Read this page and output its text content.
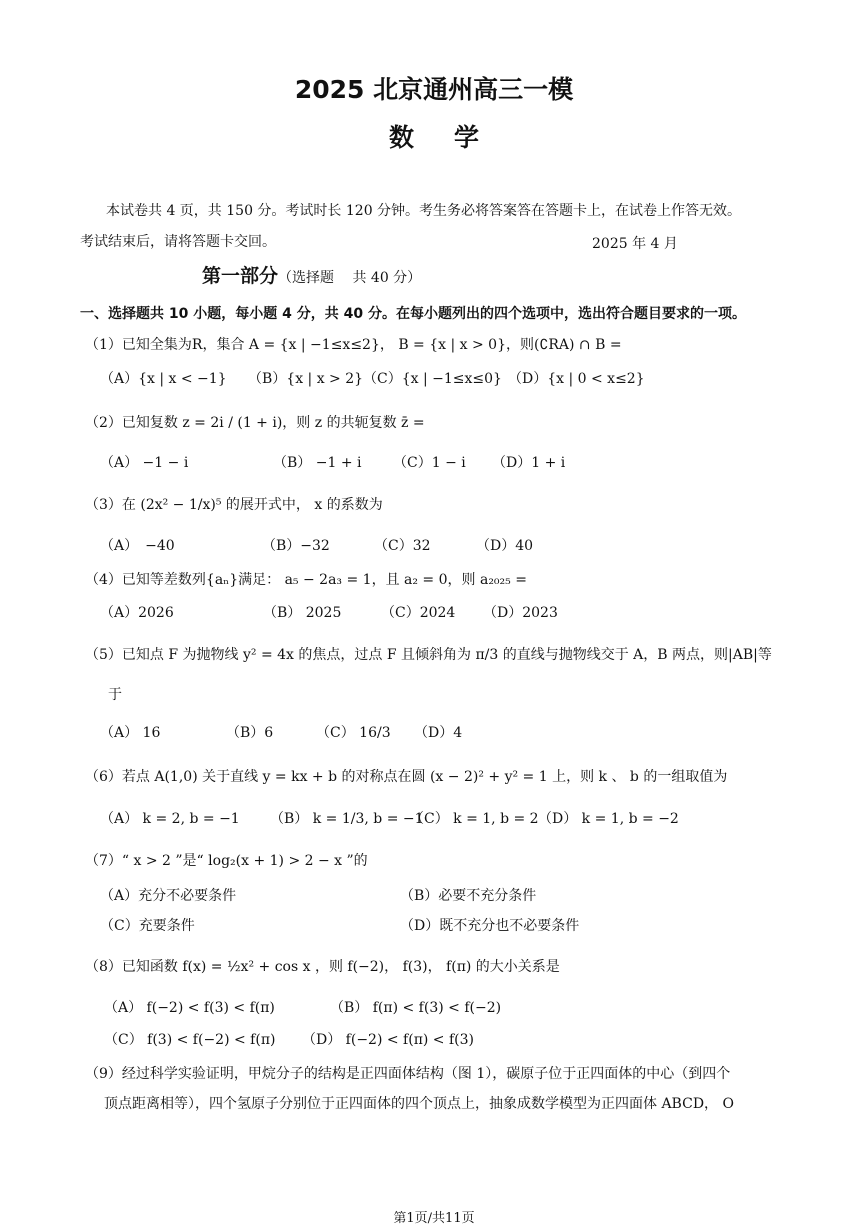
2025 北京通州高三一模
数学
本试卷共 4 页，共 150 分。考试时长 120 分钟。考生务必将答案答在答题卡上，在试卷上作答无效。
考试结束后，请将答题卡交回。	2025 年 4 月
第一部分（选择题　 共 40 分）
一、选择题共 10 小题，每小题 4 分，共 40 分。在每小题列出的四个选项中，选出符合题目要求的一项。
（1）已知全集为R，集合 A = {x | −1≤x≤2}， B = {x | x > 0}，则(∁RA) ∩ B =
（A）{x | x < −1} （B）{x | x > 2} （C）{x | −1≤x≤0} （D）{x | 0 < x≤2}
（2）已知复数 z = 2i / (1 + i)，则 z 的共轭复数 z̄ =
（A） −1 − i	（B） −1 + i （C）1 − i （D）1 + i
（3）在 (2x² − 1/x)⁵ 的展开式中， x 的系数为
（A）　−40	（B）−32	（C）32	（D）40
（4）已知等差数列{aₙ}满足： a₅ − 2a₃ = 1，且 a₂ = 0，则 a₂₀₂₅ =
（A）2026	（B） 2025	（C）2024 （D）2023
（5）已知点 F 为抛物线 y² = 4x 的焦点，过点 F 且倾斜角为 π/3 的直线与抛物线交于 A，B 两点，则|AB|等
于
（A） 16	（B）6	（C） 16/3 （D）4
（6）若点 A(1,0) 关于直线 y = kx + b 的对称点在圆 (x − 2)² + y² = 1 上，则 k 、 b 的一组取值为
（A） k = 2, b = −1 （B） k = 1/3, b = −1
（C） k = 1, b = 2 （D） k = 1, b = −2
（7）“ x > 2 ”是“ log₂(x + 1) > 2 − x ”的
（A）充分不必要条件	（B）必要不充分条件
（C）充要条件	（D）既不充分也不必要条件
（8）已知函数 f(x) = ½x² + cos x ，则 f(−2)， f(3)， f(π) 的大小关系是
（A） f(−2) < f(3) < f(π)	（B） f(π) < f(3) < f(−2)
（C） f(3) < f(−2) < f(π) （D） f(−2) < f(π) < f(3)
（9）经过科学实验证明，甲烷分子的结构是正四面体结构（图 1），碳原子位于正四面体的中心（到四个
顶点距离相等），四个氢原子分别位于正四面体的四个顶点上，抽象成数学模型为正四面体 ABCD， O
第1页/共11页
